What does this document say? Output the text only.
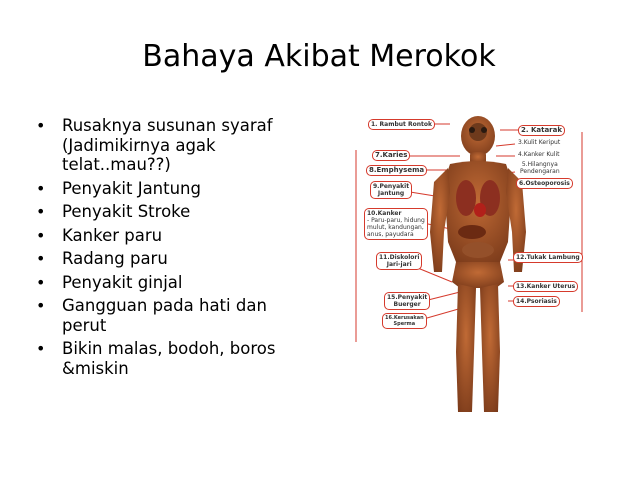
Bahaya Akibat Merokok
• Rusaknya susunan syaraf (Jadimikirnya agak telat..mau??)
• Penyakit Jantung
• Penyakit Stroke
• Kanker paru
• Radang paru
• Penyakit ginjal
• Gangguan pada hati dan perut
• Bikin malas, bodoh, boros &miskin
1. Rambut Rontok
2. Katarak
3.Kulit Keriput
4.Kanker Kulit
5.Hilangnya
Pendengaran
6.Osteoporosis
7.Karies
8.Emphysema
9.Penyakit
Jantung
10.Kanker
- Paru-paru, hidung
mulut, kandungan,
anus, payudara
11.Diskolori
Jari-jari
12.Tukak Lambung
13.Kanker Uterus
14.Psoriasis
15.Penyakit
Buerger
16.Kerusakan
Sperma
